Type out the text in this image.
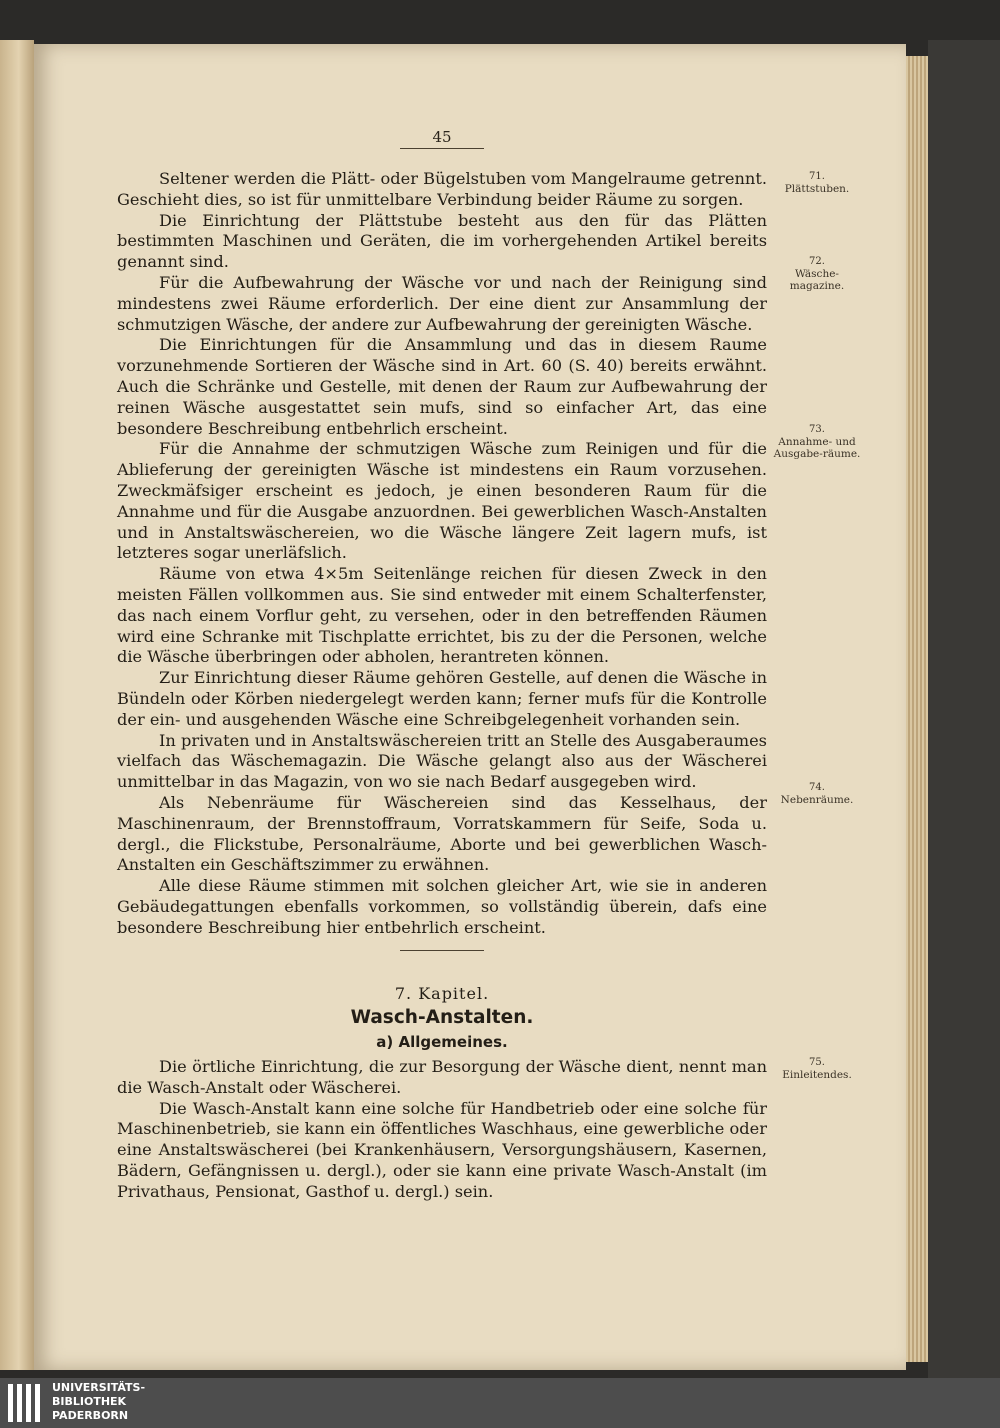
45

Seltener werden die Plätt- oder Bügelstuben vom Mangelraume getrennt. Geschieht dies, so ist für unmittelbare Verbindung beider Räume zu sorgen.

Die Einrichtung der Plättstube besteht aus den für das Plätten bestimmten Maschinen und Geräten, die im vorhergehenden Artikel bereits genannt sind.

Für die Aufbewahrung der Wäsche vor und nach der Reinigung sind mindestens zwei Räume erforderlich. Der eine dient zur Ansammlung der schmutzigen Wäsche, der andere zur Aufbewahrung der gereinigten Wäsche.

Die Einrichtungen für die Ansammlung und das in diesem Raume vorzunehmende Sortieren der Wäsche sind in Art. 60 (S. 40) bereits erwähnt. Auch die Schränke und Gestelle, mit denen der Raum zur Aufbewahrung der reinen Wäsche ausgestattet sein mufs, sind so einfacher Art, das eine besondere Beschreibung entbehrlich erscheint.

Für die Annahme der schmutzigen Wäsche zum Reinigen und für die Ablieferung der gereinigten Wäsche ist mindestens ein Raum vorzusehen. Zweckmäfsiger erscheint es jedoch, je einen besonderen Raum für die Annahme und für die Ausgabe anzuordnen. Bei gewerblichen Wasch-Anstalten und in Anstaltswäschereien, wo die Wäsche längere Zeit lagern mufs, ist letzteres sogar unerläfslich.

Räume von etwa 4×5m Seitenlänge reichen für diesen Zweck in den meisten Fällen vollkommen aus. Sie sind entweder mit einem Schalterfenster, das nach einem Vorflur geht, zu versehen, oder in den betreffenden Räumen wird eine Schranke mit Tischplatte errichtet, bis zu der die Personen, welche die Wäsche überbringen oder abholen, herantreten können.

Zur Einrichtung dieser Räume gehören Gestelle, auf denen die Wäsche in Bündeln oder Körben niedergelegt werden kann; ferner mufs für die Kontrolle der ein- und ausgehenden Wäsche eine Schreibgelegenheit vorhanden sein.

In privaten und in Anstaltswäschereien tritt an Stelle des Ausgaberaumes vielfach das Wäschemagazin. Die Wäsche gelangt also aus der Wäscherei unmittelbar in das Magazin, von wo sie nach Bedarf ausgegeben wird.

Als Nebenräume für Wäschereien sind das Kesselhaus, der Maschinenraum, der Brennstoffraum, Vorratskammern für Seife, Soda u. dergl., die Flickstube, Personalräume, Aborte und bei gewerblichen Wasch-Anstalten ein Geschäftszimmer zu erwähnen.

Alle diese Räume stimmen mit solchen gleicher Art, wie sie in anderen Gebäudegattungen ebenfalls vorkommen, so vollständig überein, dafs eine besondere Beschreibung hier entbehrlich erscheint.

7. Kapitel.
Wasch-Anstalten.
a) Allgemeines.

Die örtliche Einrichtung, die zur Besorgung der Wäsche dient, nennt man die Wasch-Anstalt oder Wäscherei.

Die Wasch-Anstalt kann eine solche für Handbetrieb oder eine solche für Maschinenbetrieb, sie kann ein öffentliches Waschhaus, eine gewerbliche oder eine Anstaltswäscherei (bei Krankenhäusern, Versorgungshäusern, Kasernen, Bädern, Gefängnissen u. dergl.), oder sie kann eine private Wasch-Anstalt (im Privathaus, Pensionat, Gasthof u. dergl.) sein.

71.
Plättstuben.
72.
Wäsche-magazine.
73.
Annahme- und Ausgabe-räume.
74.
Nebenräume.
75.
Einleitendes.
UNIVERSITÄTS-
BIBLIOTHEK
PADERBORN
